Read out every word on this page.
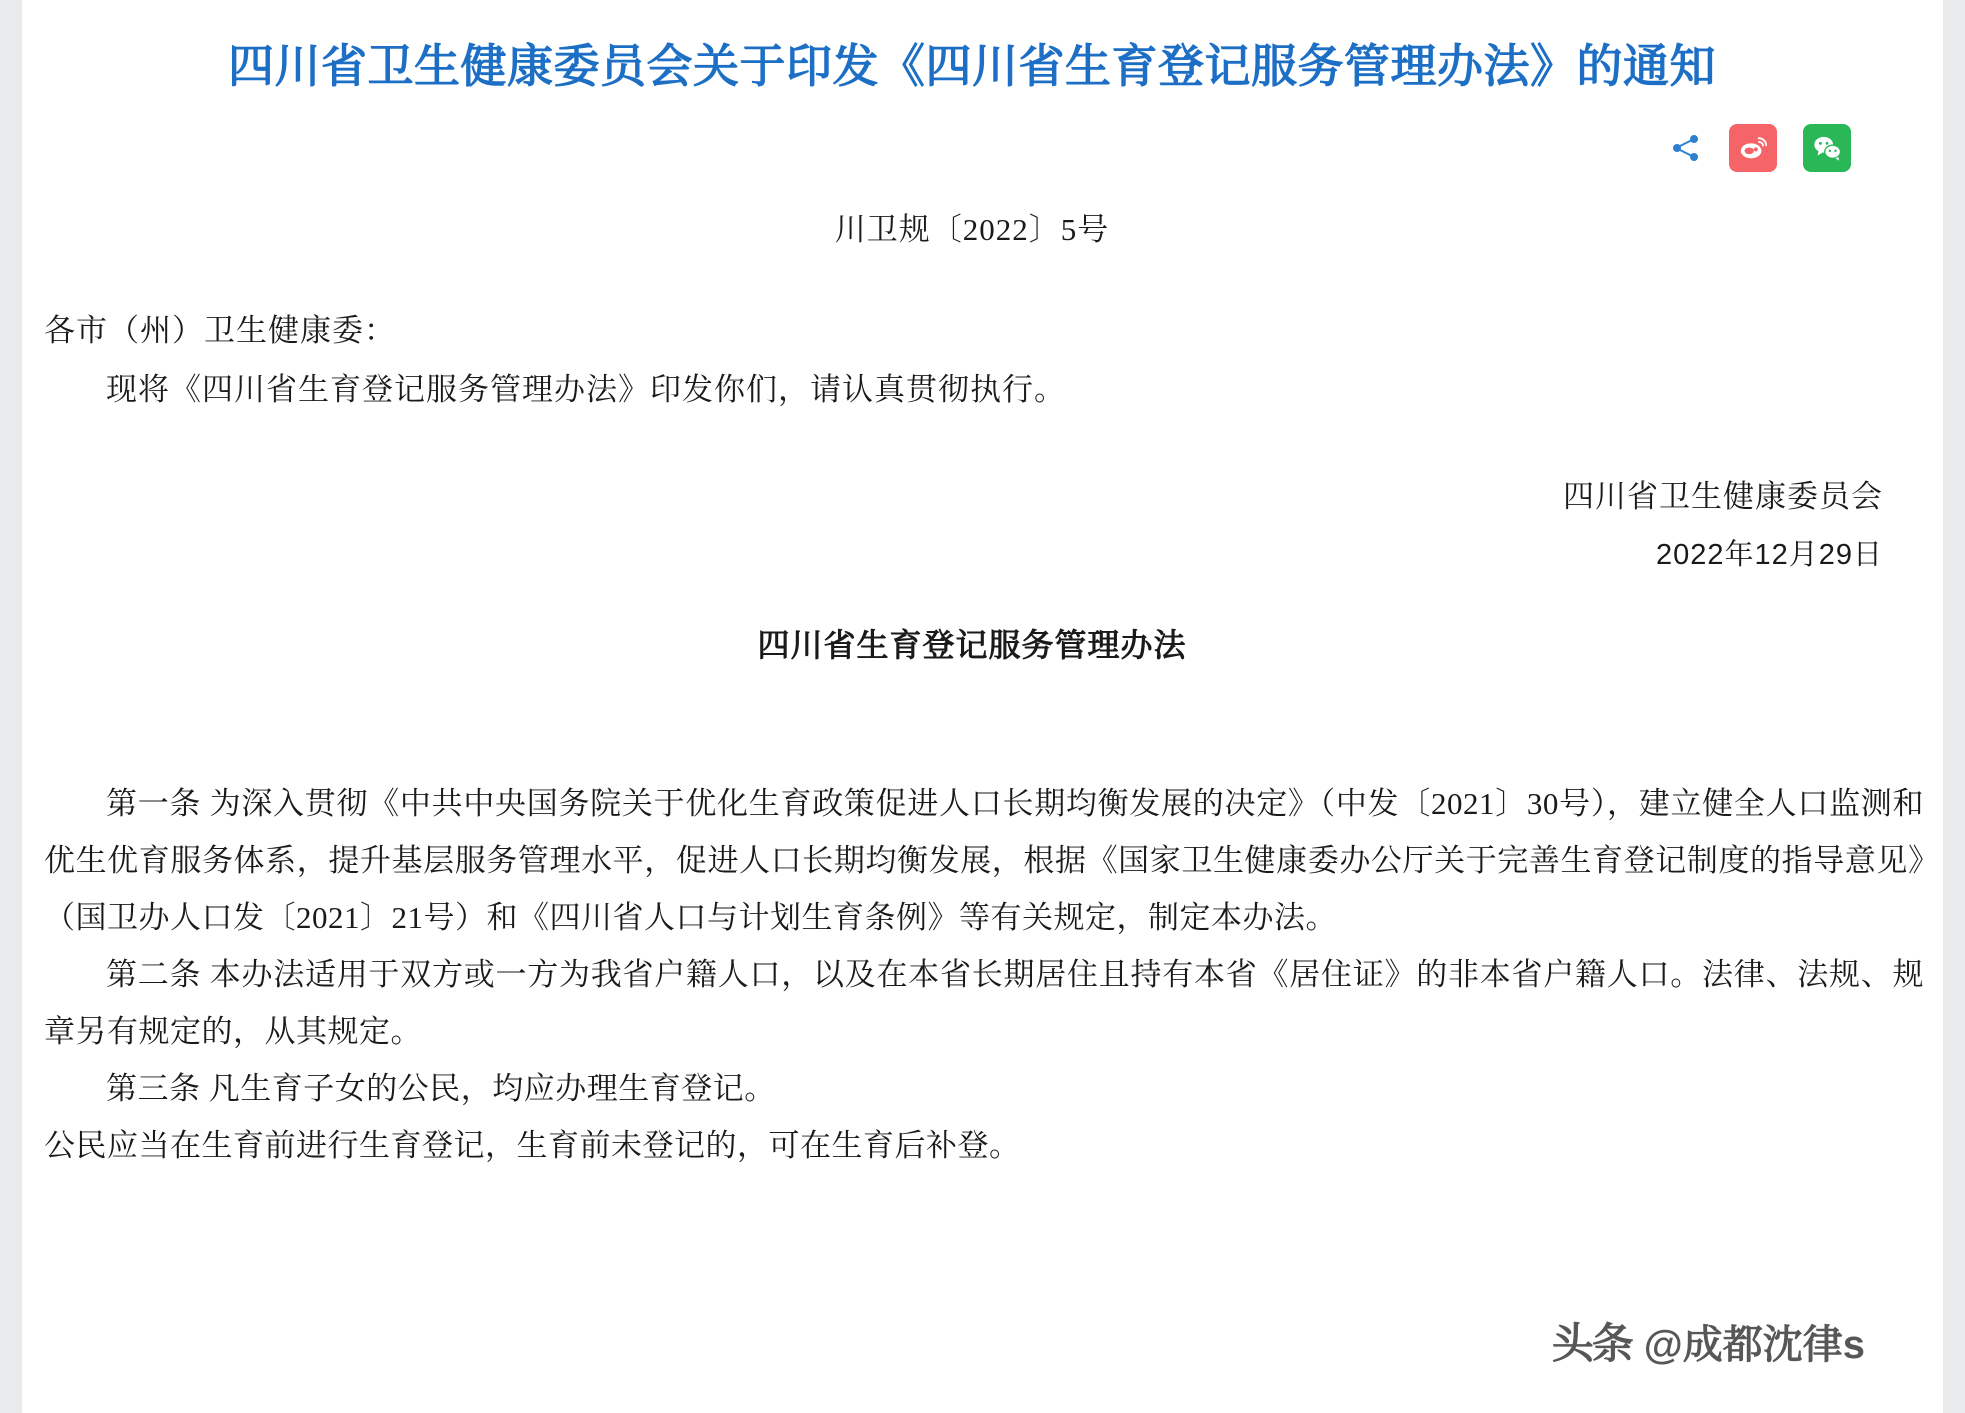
四川省卫生健康委员会关于印发《四川省生育登记服务管理办法》的通知
川卫规〔2022〕5号
各市（州）卫生健康委：
现将《四川省生育登记服务管理办法》印发你们，请认真贯彻执行。
四川省卫生健康委员会
2022年12月29日
四川省生育登记服务管理办法

第一条 为深入贯彻《中共中央国务院关于优化生育政策促进人口长期均衡发展的决定》（中发〔2021〕30号），建立健全人口监测和优生优育服务体系，提升基层服务管理水平，促进人口长期均衡发展，根据《国家卫生健康委办公厅关于完善生育登记制度的指导意见》（国卫办人口发〔2021〕21号）和《四川省人口与计划生育条例》等有关规定，制定本办法。

第二条 本办法适用于双方或一方为我省户籍人口，以及在本省长期居住且持有本省《居住证》的非本省户籍人口。法律、法规、规章另有规定的，从其规定。

第三条 凡生育子女的公民，均应办理生育登记。

公民应当在生育前进行生育登记，生育前未登记的，可在生育后补登。

头条 @成都沈律s
